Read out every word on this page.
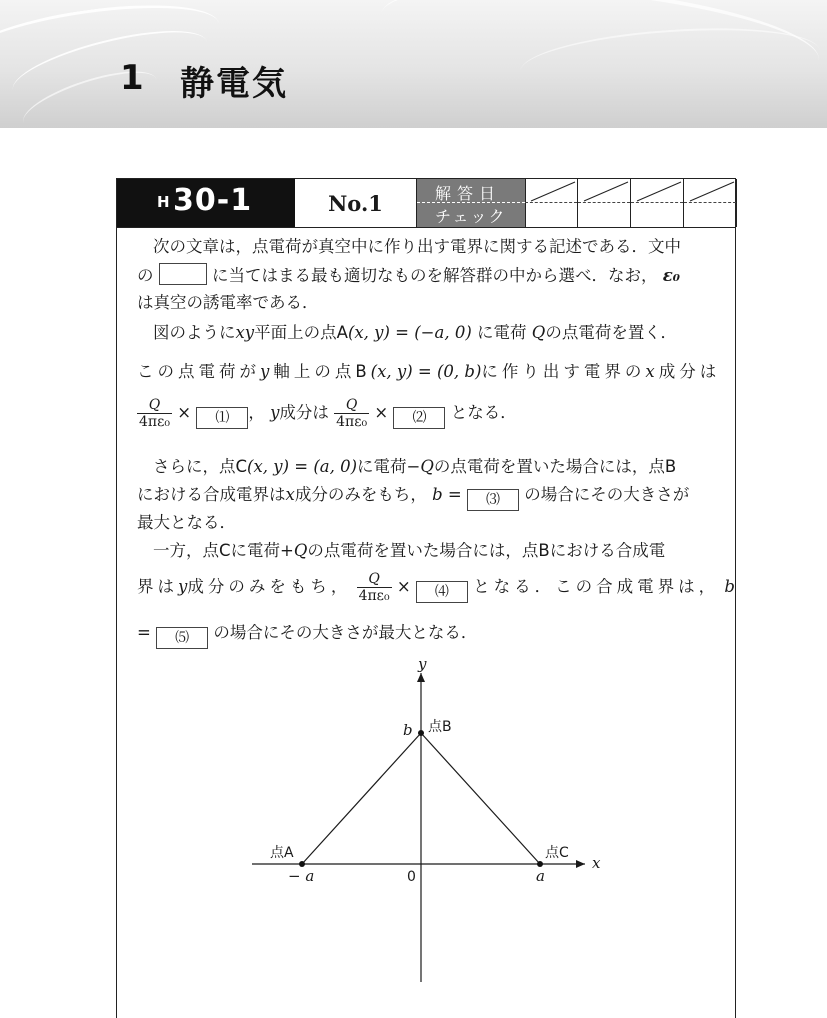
1 静電気
H 30-1	No.1	解答日
チェック
次の文章は，点電荷が真空中に作り出す電界に関する記述である．文中
の	に当てはまる最も適切なものを解答群の中から選べ．なお， ε₀
は真空の誘電率である．
図のようにxy平面上の点A(x, y) = (−a, 0) に電荷 Qの点電荷を置く．
この点電荷がy軸上の点B(x, y) = (0, b)に作り出す電界のx成分は
$\frac{Q}{\text{4πε₀}}$ × ⑴ ， y成分は $\frac{Q}{\text{4πε₀}}$ × ⑵ となる．
さらに，点C(x, y) = (a, 0)に電荷−Qの点電荷を置いた場合には，点B
における合成電界はx成分のみをもち， b = ⑶ の場合にその大きさが
最大となる．
一方，点Cに電荷+Qの点電荷を置いた場合には，点Bにおける合成電
界はy成分のみをもち， $\frac{Q}{\text{4πε₀}}$ × ⑷ となる．この合成電界は， b
= ⑸ の場合にその大きさが最大となる．
y
x
b 点B
点A	点C
− a	0	a
